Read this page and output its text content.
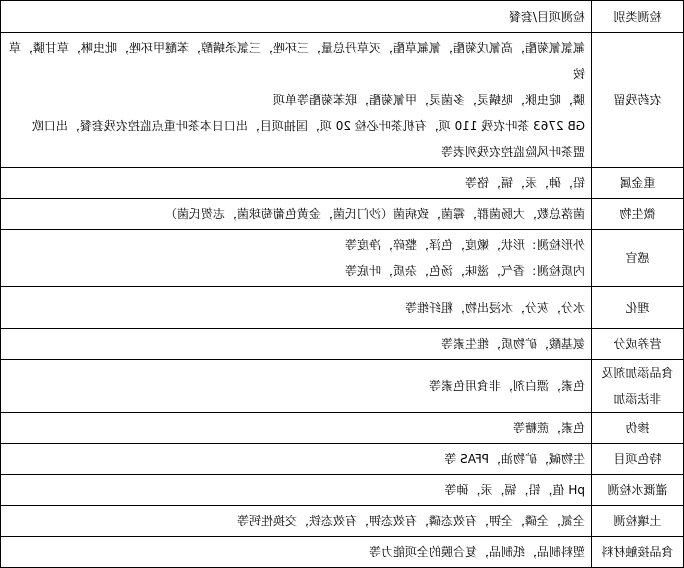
检测类别	检测项目/套餐
农药残留	氟氯氰菊酯，高氰戊菊酯，氰氟草酯，灭草丹总量，三环唑，三氯杀螨醇，苯醚甲环唑，吡虫啉，草甘膦，草铵
膦，啶虫脒，哒螨灵，多菌灵，甲氰菊酯，联苯菊酯等单项
GB 2763 茶叶农残 110 项，有机茶叶必检 20 项，国抽项目，出口日本茶叶重点监控农残套餐，出口欧
盟茶叶风险监控农残列表等

重金属	铅，砷，汞，镉，铬等

微生物	菌落总数，大肠菌群，霉菌，致病菌（沙门氏菌，金黄色葡萄球菌，志贺氏菌）

感官	外形检测：形状，嫩度，色泽，整碎，净度等
内质检测：香气，滋味，汤色，杂质，叶底等

理化	水分，灰分，水浸出物，粗纤维等

营养成分	氨基酸，矿物质，维生素等

食品添加剂及
非法添加	色素，漂白剂，非食用色素等

掺伪	色素，蔗糖等

特色项目	生物碱，矿物油，PFAS 等

灌溉水检测	pH 值，铅，镉，汞，砷等

土壤检测	全氮，全磷，全钾，有效态磷，有效态钾，有效态铁，交换性钙等

食品接触材料	塑料制品，纸制品，复合膜的全项能力等
